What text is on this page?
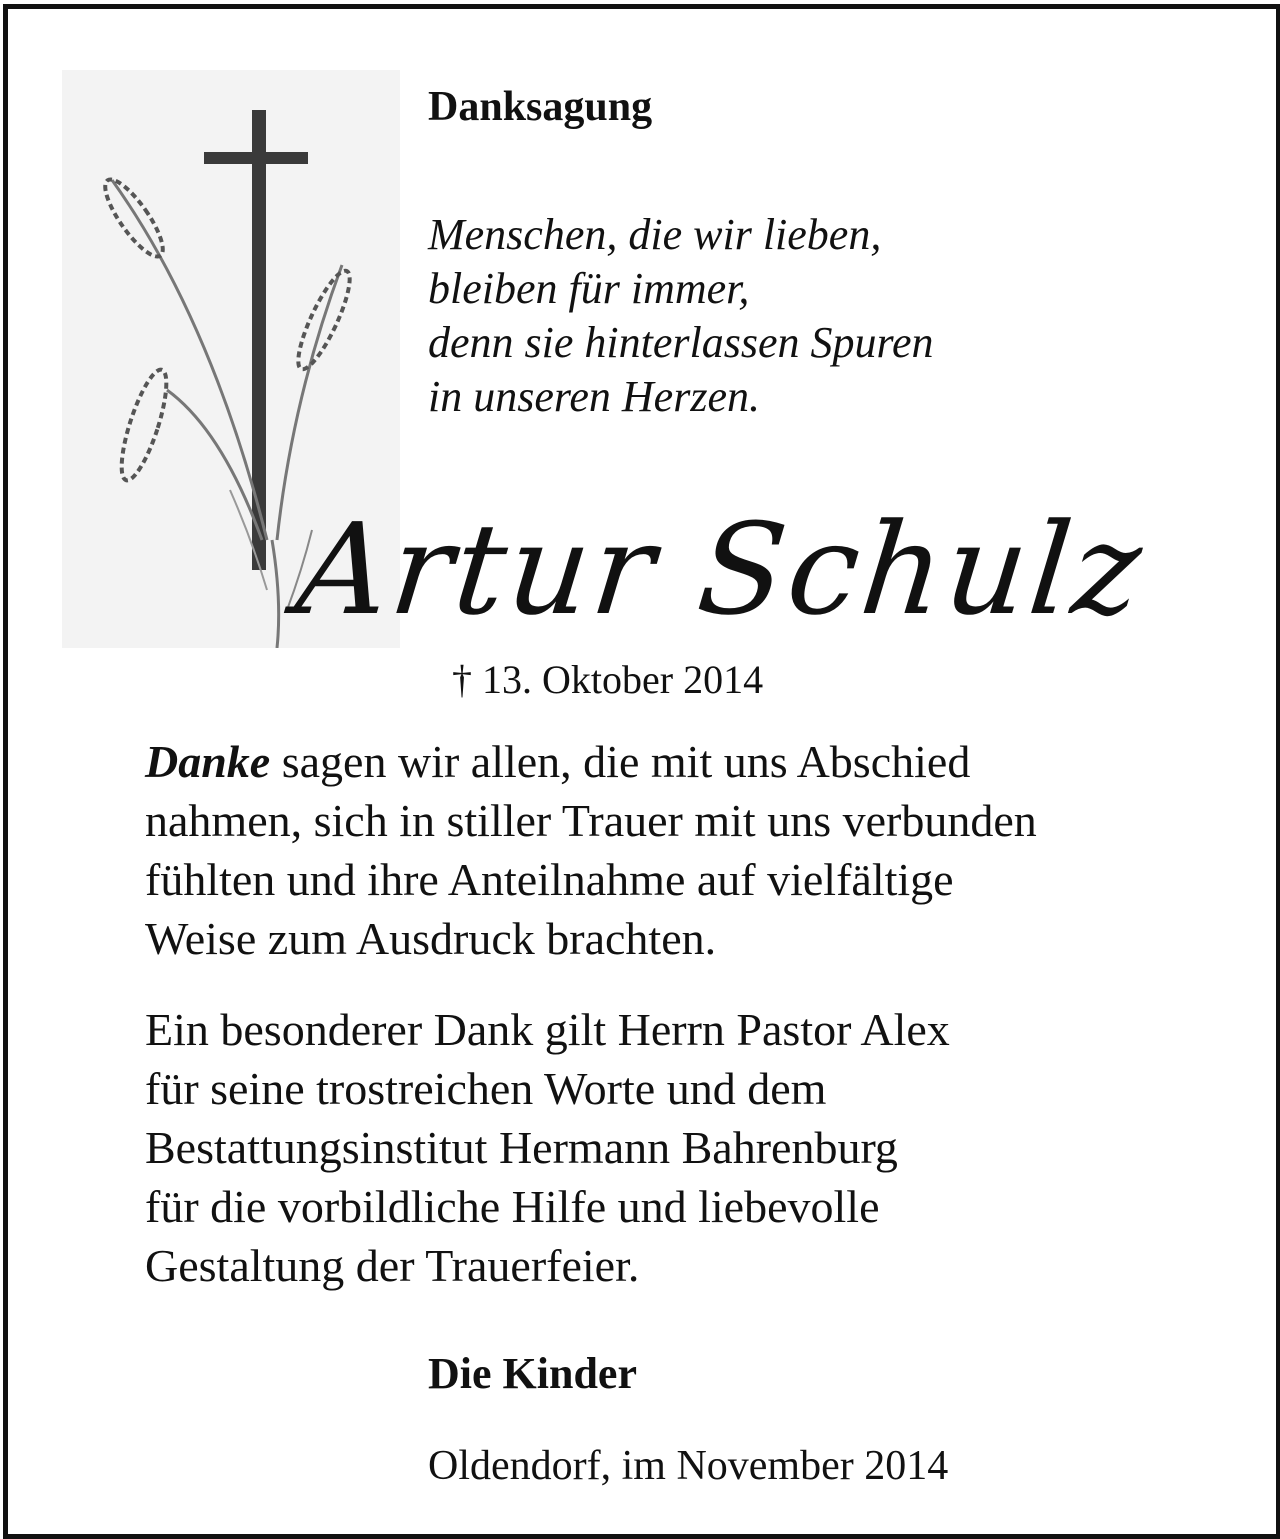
Danksagung
Menschen, die wir lieben,
bleiben für immer,
denn sie hinterlassen Spuren
in unseren Herzen.
Artur Schulz
† 13. Oktober 2014
Danke sagen wir allen, die mit uns Abschied
nahmen, sich in stiller Trauer mit uns verbunden
fühlten und ihre Anteilnahme auf vielfältige
Weise zum Ausdruck brachten.
Ein besonderer Dank gilt Herrn Pastor Alex
für seine trostreichen Worte und dem
Bestattungsinstitut Hermann Bahrenburg
für die vorbildliche Hilfe und liebevolle
Gestaltung der Trauerfeier.
Die Kinder
Oldendorf, im November 2014
